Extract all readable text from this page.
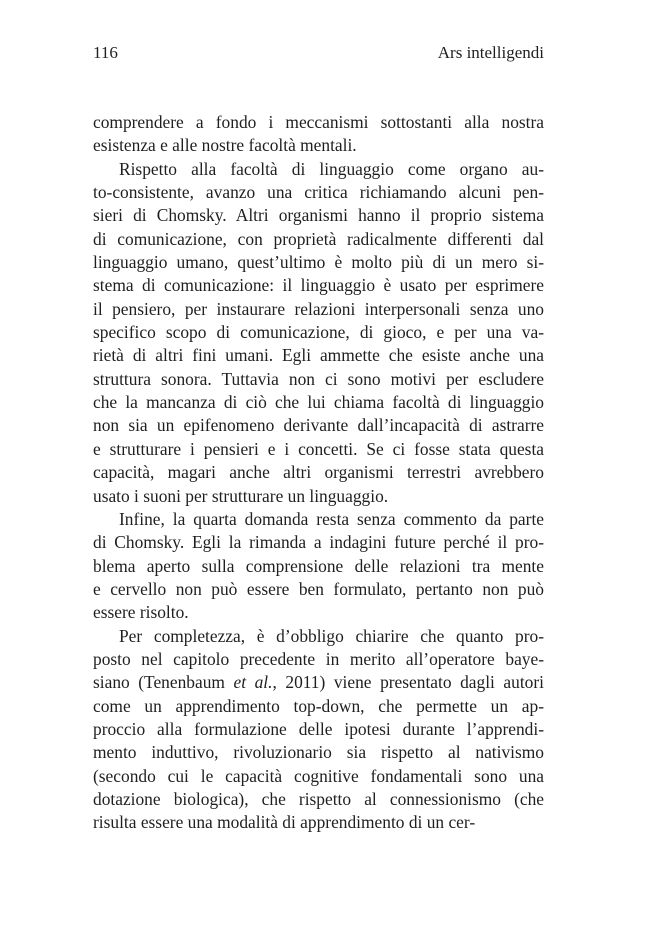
116	Ars intelligendi
comprendere a fondo i meccanismi sottostanti alla nostra
esistenza e alle nostre facoltà mentali.
Rispetto alla facoltà di linguaggio come organo au-
to-consistente, avanzo una critica richiamando alcuni pen-
sieri di Chomsky. Altri organismi hanno il proprio sistema
di comunicazione, con proprietà radicalmente differenti dal
linguaggio umano, quest’ultimo è molto più di un mero si-
stema di comunicazione: il linguaggio è usato per esprimere
il pensiero, per instaurare relazioni interpersonali senza uno
specifico scopo di comunicazione, di gioco, e per una va-
rietà di altri fini umani. Egli ammette che esiste anche una
struttura sonora. Tuttavia non ci sono motivi per escludere
che la mancanza di ciò che lui chiama facoltà di linguaggio
non sia un epifenomeno derivante dall’incapacità di astrarre
e strutturare i pensieri e i concetti. Se ci fosse stata questa
capacità, magari anche altri organismi terrestri avrebbero
usato i suoni per strutturare un linguaggio.
Infine, la quarta domanda resta senza commento da parte
di Chomsky. Egli la rimanda a indagini future perché il pro-
blema aperto sulla comprensione delle relazioni tra mente
e cervello non può essere ben formulato, pertanto non può
essere risolto.
Per completezza, è d’obbligo chiarire che quanto pro-
posto nel capitolo precedente in merito all’operatore baye-
siano (Tenenbaum et al., 2011) viene presentato dagli autori
come un apprendimento top-down, che permette un ap-
proccio alla formulazione delle ipotesi durante l’apprendi-
mento induttivo, rivoluzionario sia rispetto al nativismo
(secondo cui le capacità cognitive fondamentali sono una
dotazione biologica), che rispetto al connessionismo (che
risulta essere una modalità di apprendimento di un cer-
